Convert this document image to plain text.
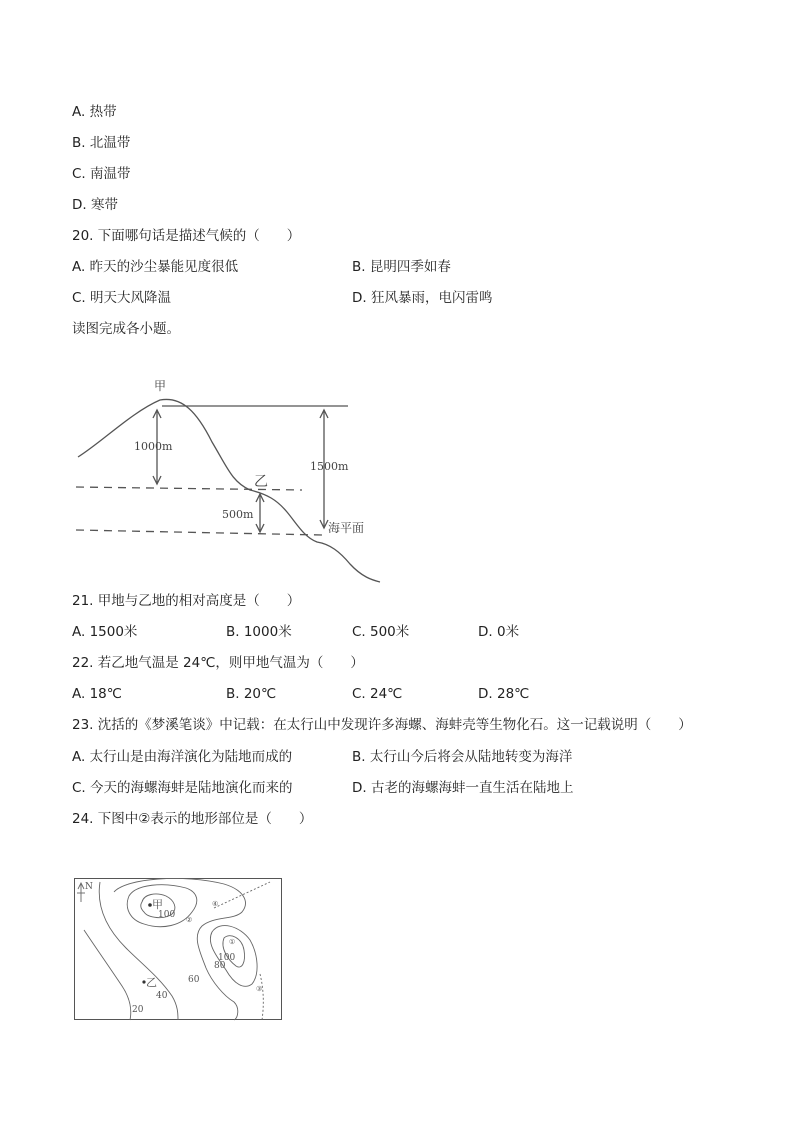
A. 热带
B. 北温带
C. 南温带
D. 寒带
20. 下面哪句话是描述气候的（　　）
A. 昨天的沙尘暴能见度很低	B. 昆明四季如春
C. 明天大风降温	D. 狂风暴雨，电闪雷鸣
读图完成各小题。
甲
乙
1000m
500m
1500m
海平面
21. 甲地与乙地的相对高度是（　　）
A. 1500米	B. 1000米	C. 500米	D. 0米
22. 若乙地气温是 24℃，则甲地气温为（　　）
A. 18℃	B. 20℃	C. 24℃	D. 28℃
23. 沈括的《梦溪笔谈》中记载：在太行山中发现许多海螺、海蚌壳等生物化石。这一记载说明（　　）
A. 太行山是由海洋演化为陆地而成的	B. 太行山今后将会从陆地转变为海洋
C. 今天的海螺海蚌是陆地演化而来的	D. 古老的海螺海蚌一直生活在陆地上
24. 下图中②表示的地形部位是（　　）
N
甲
乙
100
100
80
60
40
20
①
②
③
④
